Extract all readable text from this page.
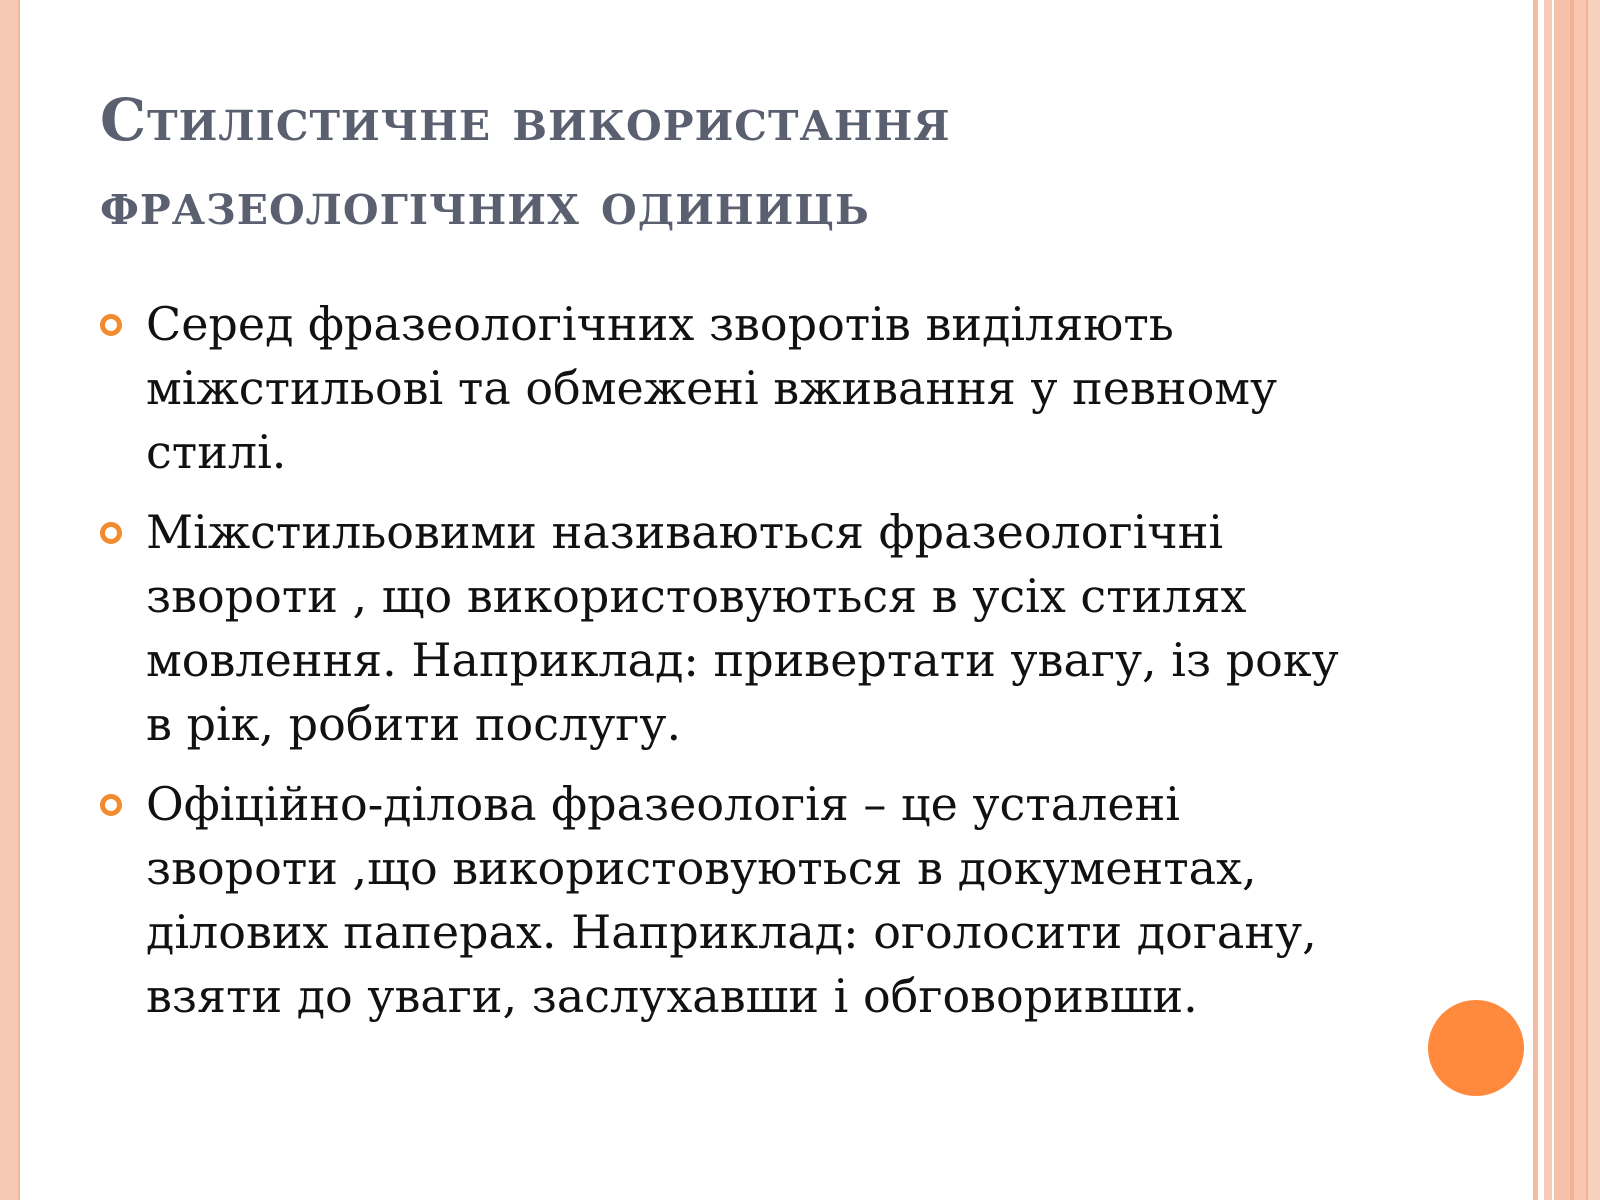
Стилістичне використання фразеологічних одиниць
Серед фразеологічних зворотів виділяють міжстильові та обмежені вживання у певному стилі.
Міжстильовими називаються фразеологічні звороти , що використовуються в усіх стилях мовлення. Наприклад: привертати увагу, із року в рік, робити послугу.
Офіційно-ділова фразеологія – це усталені звороти ,що використовуються в документах, ділових паперах. Наприклад: оголосити догану, взяти до уваги, заслухавши і обговоривши.
